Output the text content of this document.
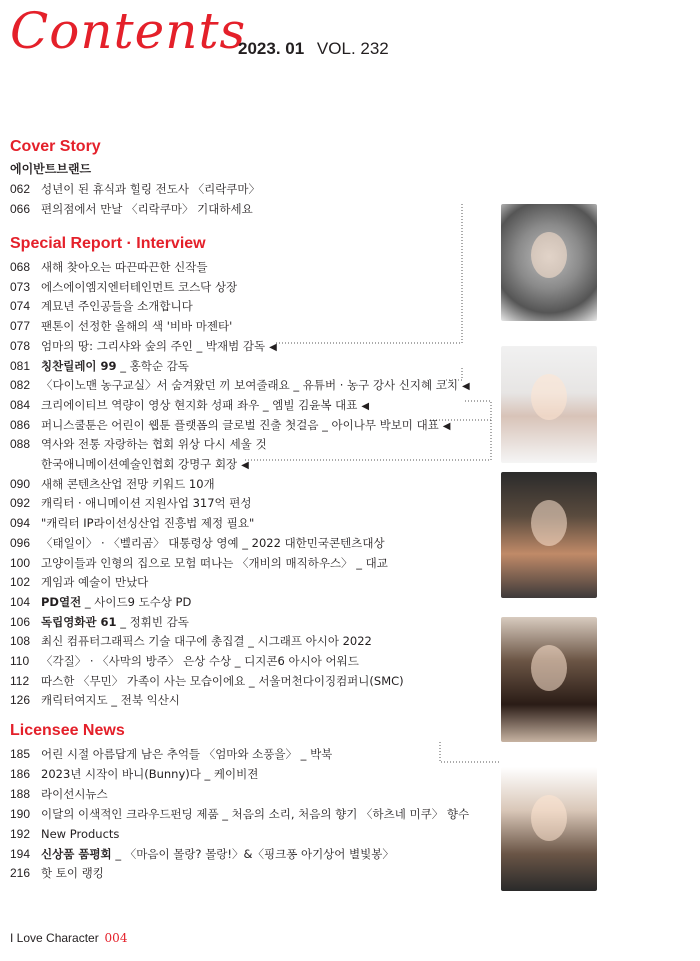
Contents
2023. 01 VOL. 232
Cover Story
에이반트브랜드
Special Report · Interview
Licensee News
062 성년이 된 휴식과 힐링 전도사 〈리락쿠마〉
066 편의점에서 만날 〈리락쿠마〉 기대하세요
068 새해 찾아오는 따끈따끈한 신작들
073 에스에이엠지엔터테인먼트 코스닥 상장
074 계묘년 주인공들을 소개합니다
077 팬톤이 선정한 올해의 색 '비바 마젠타'
078 엄마의 땅: 그리샤와 숲의 주인 _ 박재범 감독 ◀
081 칭찬릴레이 99 _ 홍학순 감독
082 〈다이노맨 농구교실〉서 숨겨왔던 끼 보여줄래요 _ 유튜버 · 농구 강사 신지혜 코치 ◀
084 크리에이티브 역량이 영상 현지화 성패 좌우 _ 엠빌 김윤복 대표 ◀
086 퍼니스쿨툰은 어린이 웹툰 플랫폼의 글로벌 진출 첫걸음 _ 아이나무 박보미 대표 ◀
088 역사와 전통 자랑하는 협회 위상 다시 세울 것
한국애니메이션예술인협회 강명구 회장 ◀
090 새해 콘텐츠산업 전망 키워드 10개
092 캐릭터 · 애니메이션 지원사업 317억 편성
094 "캐릭터 IP라이선싱산업 진흥법 제정 필요"
096 〈태일이〉 · 〈벨리곰〉 대통령상 영예 _ 2022 대한민국콘텐츠대상
100 고양이들과 인형의 집으로 모험 떠나는 〈개비의 매직하우스〉 _ 대교
102 게임과 예술이 만났다
104 PD열전 _ 사이드9 도수상 PD
106 독립영화관 61 _ 정휘빈 감독
108 최신 컴퓨터그래픽스 기술 대구에 총집결 _ 시그래프 아시아 2022
110 〈각질〉 · 〈사막의 방주〉 은상 수상 _ 디지콘6 아시아 어워드
112 따스한 〈무민〉 가족이 사는 모습이에요 _ 서울머천다이징컴퍼니(SMC)
126 캐릭터여지도 _ 전북 익산시
185 어린 시절 아름답게 남은 추억들 〈엄마와 소풍을〉 _ 박북
186 2023년 시작이 바니(Bunny)다 _ 케이비젼
188 라이선시뉴스
190 이달의 이색적인 크라우드펀딩 제품 _ 처음의 소리, 처음의 향기 〈하츠네 미쿠〉 향수
192 New Products
194 신상품 품평회 _ 〈마음이 몰랑? 몰랑!〉&〈핑크퐁 아기상어 별빛봉〉
216 핫 토이 랭킹
I Love Character 004
